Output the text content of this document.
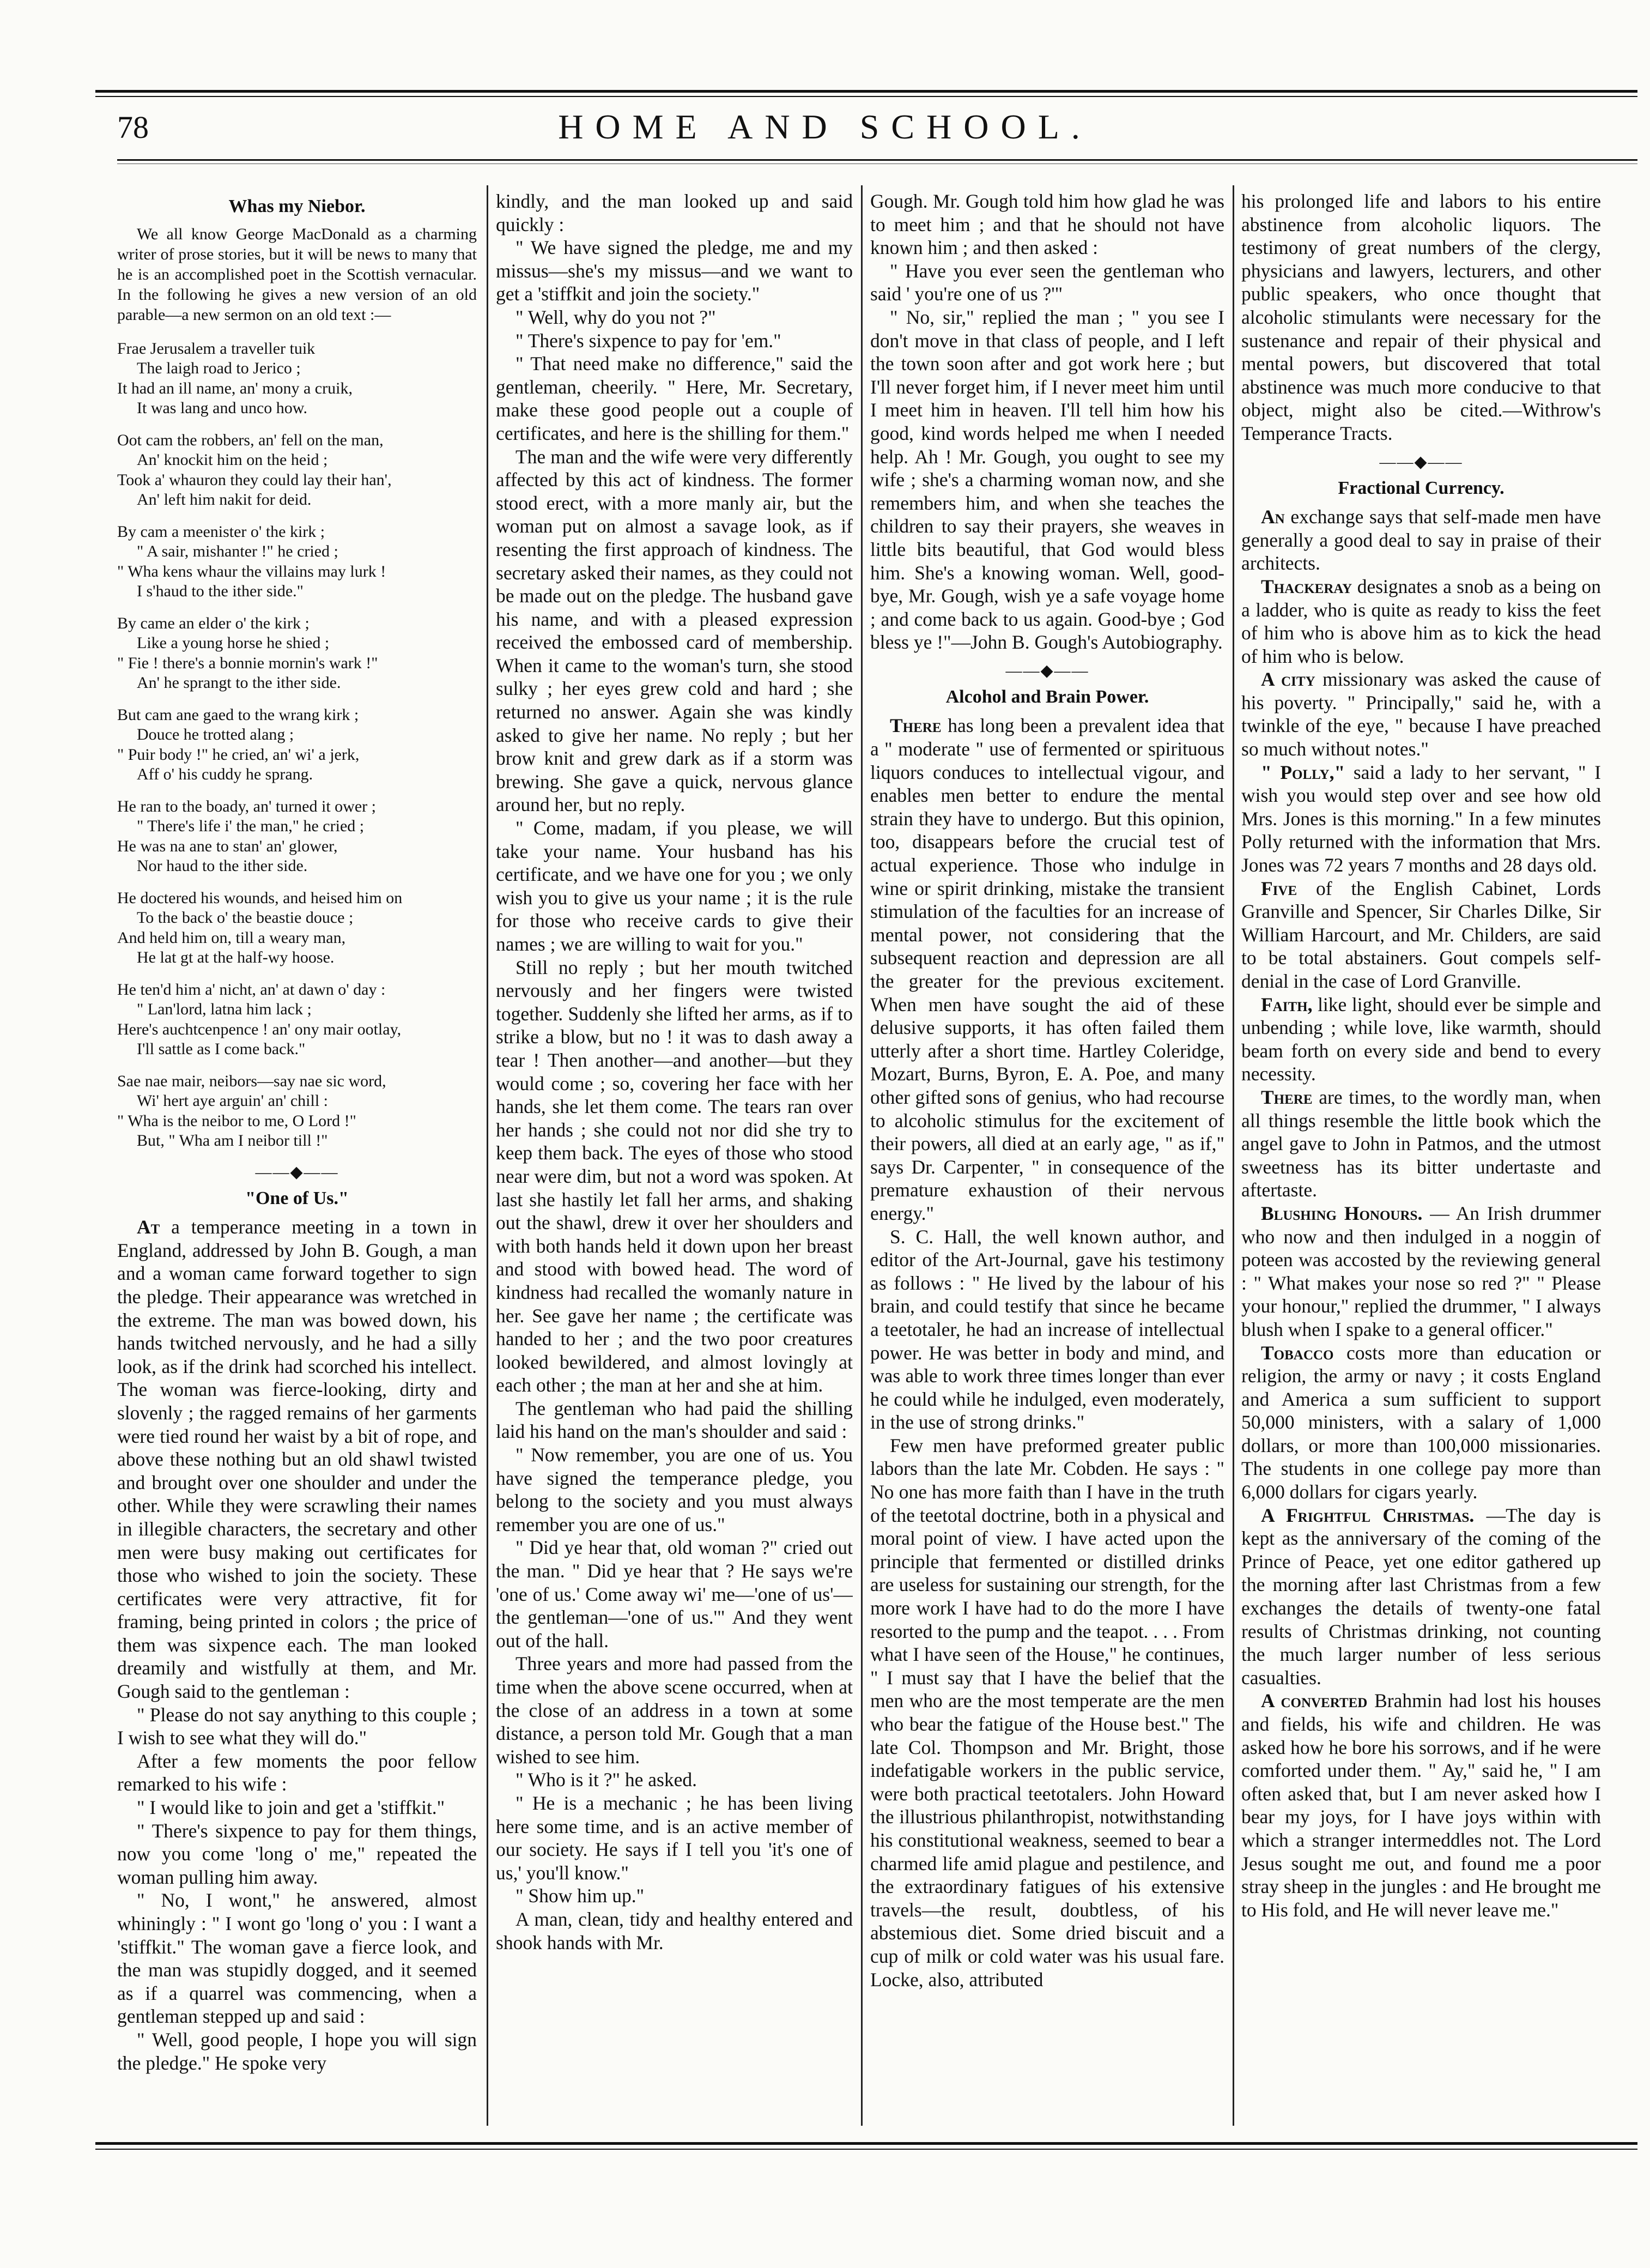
78	HOME AND SCHOOL.
Whas my Niebor.

We all know George MacDonald as a charming writer of prose stories, but it will be news to many that he is an accomplished poet in the Scottish vernacular. In the following he gives a new version of an old parable—a new sermon on an old text :—

Frae Jerusalem a traveller tuik
The laigh road to Jerico ;
It had an ill name, an' mony a cruik,
It was lang and unco how.
Oot cam the robbers, an' fell on the man,
An' knockit him on the heid ;
Took a' whauron they could lay their han',
An' left him nakit for deid.
By cam a meenister o' the kirk ;
" A sair, mishanter !" he cried ;
" Wha kens whaur the villains may lurk !
I s'haud to the ither side."
By came an elder o' the kirk ;
Like a young horse he shied ;
" Fie ! there's a bonnie mornin's wark !"
An' he sprangt to the ither side.
But cam ane gaed to the wrang kirk ;
Douce he trotted alang ;
" Puir body !" he cried, an' wi' a jerk,
Aff o' his cuddy he sprang.
He ran to the boady, an' turned it ower ;
" There's life i' the man," he cried ;
He was na ane to stan' an' glower,
Nor haud to the ither side.
He doctered his wounds, and heised him on
To the back o' the beastie douce ;
And held him on, till a weary man,
He lat gt at the half-wy hoose.
He ten'd him a' nicht, an' at dawn o' day :
" Lan'lord, latna him lack ;
Here's auchtcenpence ! an' ony mair ootlay,
I'll sattle as I come back."
Sae nae mair, neibors—say nae sic word,
Wi' hert aye arguin' an' chill :
" Wha is the neibor to me, O Lord !"
But, " Wha am I neibor till !"
——◆——
"One of Us."

At a temperance meeting in a town in England, addressed by John B. Gough, a man and a woman came forward together to sign the pledge. Their appearance was wretched in the extreme. The man was bowed down, his hands twitched nervously, and he had a silly look, as if the drink had scorched his intellect. The woman was fierce-looking, dirty and slovenly ; the ragged remains of her garments were tied round her waist by a bit of rope, and above these nothing but an old shawl twisted and brought over one shoulder and under the other. While they were scrawling their names in illegible characters, the secretary and other men were busy making out certificates for those who wished to join the society. These certificates were very attractive, fit for framing, being printed in colors ; the price of them was sixpence each. The man looked dreamily and wistfully at them, and Mr. Gough said to the gentleman :

" Please do not say anything to this couple ; I wish to see what they will do."

After a few moments the poor fellow remarked to his wife :

" I would like to join and get a 'stiffkit."

" There's sixpence to pay for them things, now you come 'long o' me," repeated the woman pulling him away.

" No, I wont," he answered, almost whiningly : " I wont go 'long o' you : I want a 'stiffkit." The woman gave a fierce look, and the man was stupidly dogged, and it seemed as if a quarrel was commencing, when a gentleman stepped up and said :

" Well, good people, I hope you will sign the pledge." He spoke very

kindly, and the man looked up and said quickly :

" We have signed the pledge, me and my missus—she's my missus—and we want to get a 'stiffkit and join the society."

" Well, why do you not ?"

" There's sixpence to pay for 'em."

" That need make no difference," said the gentleman, cheerily. " Here, Mr. Secretary, make these good people out a couple of certificates, and here is the shilling for them."

The man and the wife were very differently affected by this act of kindness. The former stood erect, with a more manly air, but the woman put on almost a savage look, as if resenting the first approach of kindness. The secretary asked their names, as they could not be made out on the pledge. The husband gave his name, and with a pleased expression received the embossed card of membership. When it came to the woman's turn, she stood sulky ; her eyes grew cold and hard ; she returned no answer. Again she was kindly asked to give her name. No reply ; but her brow knit and grew dark as if a storm was brewing. She gave a quick, nervous glance around her, but no reply.

" Come, madam, if you please, we will take your name. Your husband has his certificate, and we have one for you ; we only wish you to give us your name ; it is the rule for those who receive cards to give their names ; we are willing to wait for you."

Still no reply ; but her mouth twitched nervously and her fingers were twisted together. Suddenly she lifted her arms, as if to strike a blow, but no ! it was to dash away a tear ! Then another—and another—but they would come ; so, covering her face with her hands, she let them come. The tears ran over her hands ; she could not nor did she try to keep them back. The eyes of those who stood near were dim, but not a word was spoken. At last she hastily let fall her arms, and shaking out the shawl, drew it over her shoulders and with both hands held it down upon her breast and stood with bowed head. The word of kindness had recalled the womanly nature in her. See gave her name ; the certificate was handed to her ; and the two poor creatures looked bewildered, and almost lovingly at each other ; the man at her and she at him.

The gentleman who had paid the shilling laid his hand on the man's shoulder and said :

" Now remember, you are one of us. You have signed the temperance pledge, you belong to the society and you must always remember you are one of us."

" Did ye hear that, old woman ?" cried out the man. " Did ye hear that ? He says we're 'one of us.' Come away wi' me—'one of us'—the gentleman—'one of us.'" And they went out of the hall.

Three years and more had passed from the time when the above scene occurred, when at the close of an address in a town at some distance, a person told Mr. Gough that a man wished to see him.

" Who is it ?" he asked.

" He is a mechanic ; he has been living here some time, and is an active member of our society. He says if I tell you 'it's one of us,' you'll know."

" Show him up."

A man, clean, tidy and healthy entered and shook hands with Mr.

Gough. Mr. Gough told him how glad he was to meet him ; and that he should not have known him ; and then asked :

" Have you ever seen the gentleman who said ' you're one of us ?'"

" No, sir," replied the man ; " you see I don't move in that class of people, and I left the town soon after and got work here ; but I'll never forget him, if I never meet him until I meet him in heaven. I'll tell him how his good, kind words helped me when I needed help. Ah ! Mr. Gough, you ought to see my wife ; she's a charming woman now, and she remembers him, and when she teaches the children to say their prayers, she weaves in little bits beautiful, that God would bless him. She's a knowing woman. Well, good-bye, Mr. Gough, wish ye a safe voyage home ; and come back to us again. Good-bye ; God bless ye !"—John B. Gough's Autobiography.

——◆——
Alcohol and Brain Power.

There has long been a prevalent idea that a " moderate " use of fermented or spirituous liquors conduces to intellectual vigour, and enables men better to endure the mental strain they have to undergo. But this opinion, too, disappears before the crucial test of actual experience. Those who indulge in wine or spirit drinking, mistake the transient stimulation of the faculties for an increase of mental power, not considering that the subsequent reaction and depression are all the greater for the previous excitement. When men have sought the aid of these delusive supports, it has often failed them utterly after a short time. Hartley Coleridge, Mozart, Burns, Byron, E. A. Poe, and many other gifted sons of genius, who had recourse to alcoholic stimulus for the excitement of their powers, all died at an early age, " as if," says Dr. Carpenter, " in consequence of the premature exhaustion of their nervous energy."

S. C. Hall, the well known author, and editor of the Art-Journal, gave his testimony as follows : " He lived by the labour of his brain, and could testify that since he became a teetotaler, he had an increase of intellectual power. He was better in body and mind, and was able to work three times longer than ever he could while he indulged, even moderately, in the use of strong drinks."

Few men have preformed greater public labors than the late Mr. Cobden. He says : " No one has more faith than I have in the truth of the teetotal doctrine, both in a physical and moral point of view. I have acted upon the principle that fermented or distilled drinks are useless for sustaining our strength, for the more work I have had to do the more I have resorted to the pump and the teapot. . . . From what I have seen of the House," he continues, " I must say that I have the belief that the men who are the most temperate are the men who bear the fatigue of the House best." The late Col. Thompson and Mr. Bright, those indefatigable workers in the public service, were both practical teetotalers. John Howard the illustrious philanthropist, notwithstanding his constitutional weakness, seemed to bear a charmed life amid plague and pestilence, and the extraordinary fatigues of his extensive travels—the result, doubtless, of his abstemious diet. Some dried biscuit and a cup of milk or cold water was his usual fare. Locke, also, attributed

his prolonged life and labors to his entire abstinence from alcoholic liquors. The testimony of great numbers of the clergy, physicians and lawyers, lecturers, and other public speakers, who once thought that alcoholic stimulants were necessary for the sustenance and repair of their physical and mental powers, but discovered that total abstinence was much more conducive to that object, might also be cited.—Withrow's Temperance Tracts.

——◆——
Fractional Currency.

An exchange says that self-made men have generally a good deal to say in praise of their architects.

Thackeray designates a snob as a being on a ladder, who is quite as ready to kiss the feet of him who is above him as to kick the head of him who is below.

A city missionary was asked the cause of his poverty. " Principally," said he, with a twinkle of the eye, " because I have preached so much without notes."

" Polly," said a lady to her servant, " I wish you would step over and see how old Mrs. Jones is this morning." In a few minutes Polly returned with the information that Mrs. Jones was 72 years 7 months and 28 days old.

Five of the English Cabinet, Lords Granville and Spencer, Sir Charles Dilke, Sir William Harcourt, and Mr. Childers, are said to be total abstainers. Gout compels self-denial in the case of Lord Granville.

Faith, like light, should ever be simple and unbending ; while love, like warmth, should beam forth on every side and bend to every necessity.

There are times, to the wordly man, when all things resemble the little book which the angel gave to John in Patmos, and the utmost sweetness has its bitter undertaste and aftertaste.

Blushing Honours. — An Irish drummer who now and then indulged in a noggin of poteen was accosted by the reviewing general : " What makes your nose so red ?" " Please your honour," replied the drummer, " I always blush when I spake to a general officer."

Tobacco costs more than education or religion, the army or navy ; it costs England and America a sum sufficient to support 50,000 ministers, with a salary of 1,000 dollars, or more than 100,000 missionaries. The students in one college pay more than 6,000 dollars for cigars yearly.

A Frightful Christmas. —The day is kept as the anniversary of the coming of the Prince of Peace, yet one editor gathered up the morning after last Christmas from a few exchanges the details of twenty-one fatal results of Christmas drinking, not counting the much larger number of less serious casualties.

A converted Brahmin had lost his houses and fields, his wife and children. He was asked how he bore his sorrows, and if he were comforted under them. " Ay," said he, " I am often asked that, but I am never asked how I bear my joys, for I have joys within with which a stranger intermeddles not. The Lord Jesus sought me out, and found me a poor stray sheep in the jungles : and He brought me to His fold, and He will never leave me."
